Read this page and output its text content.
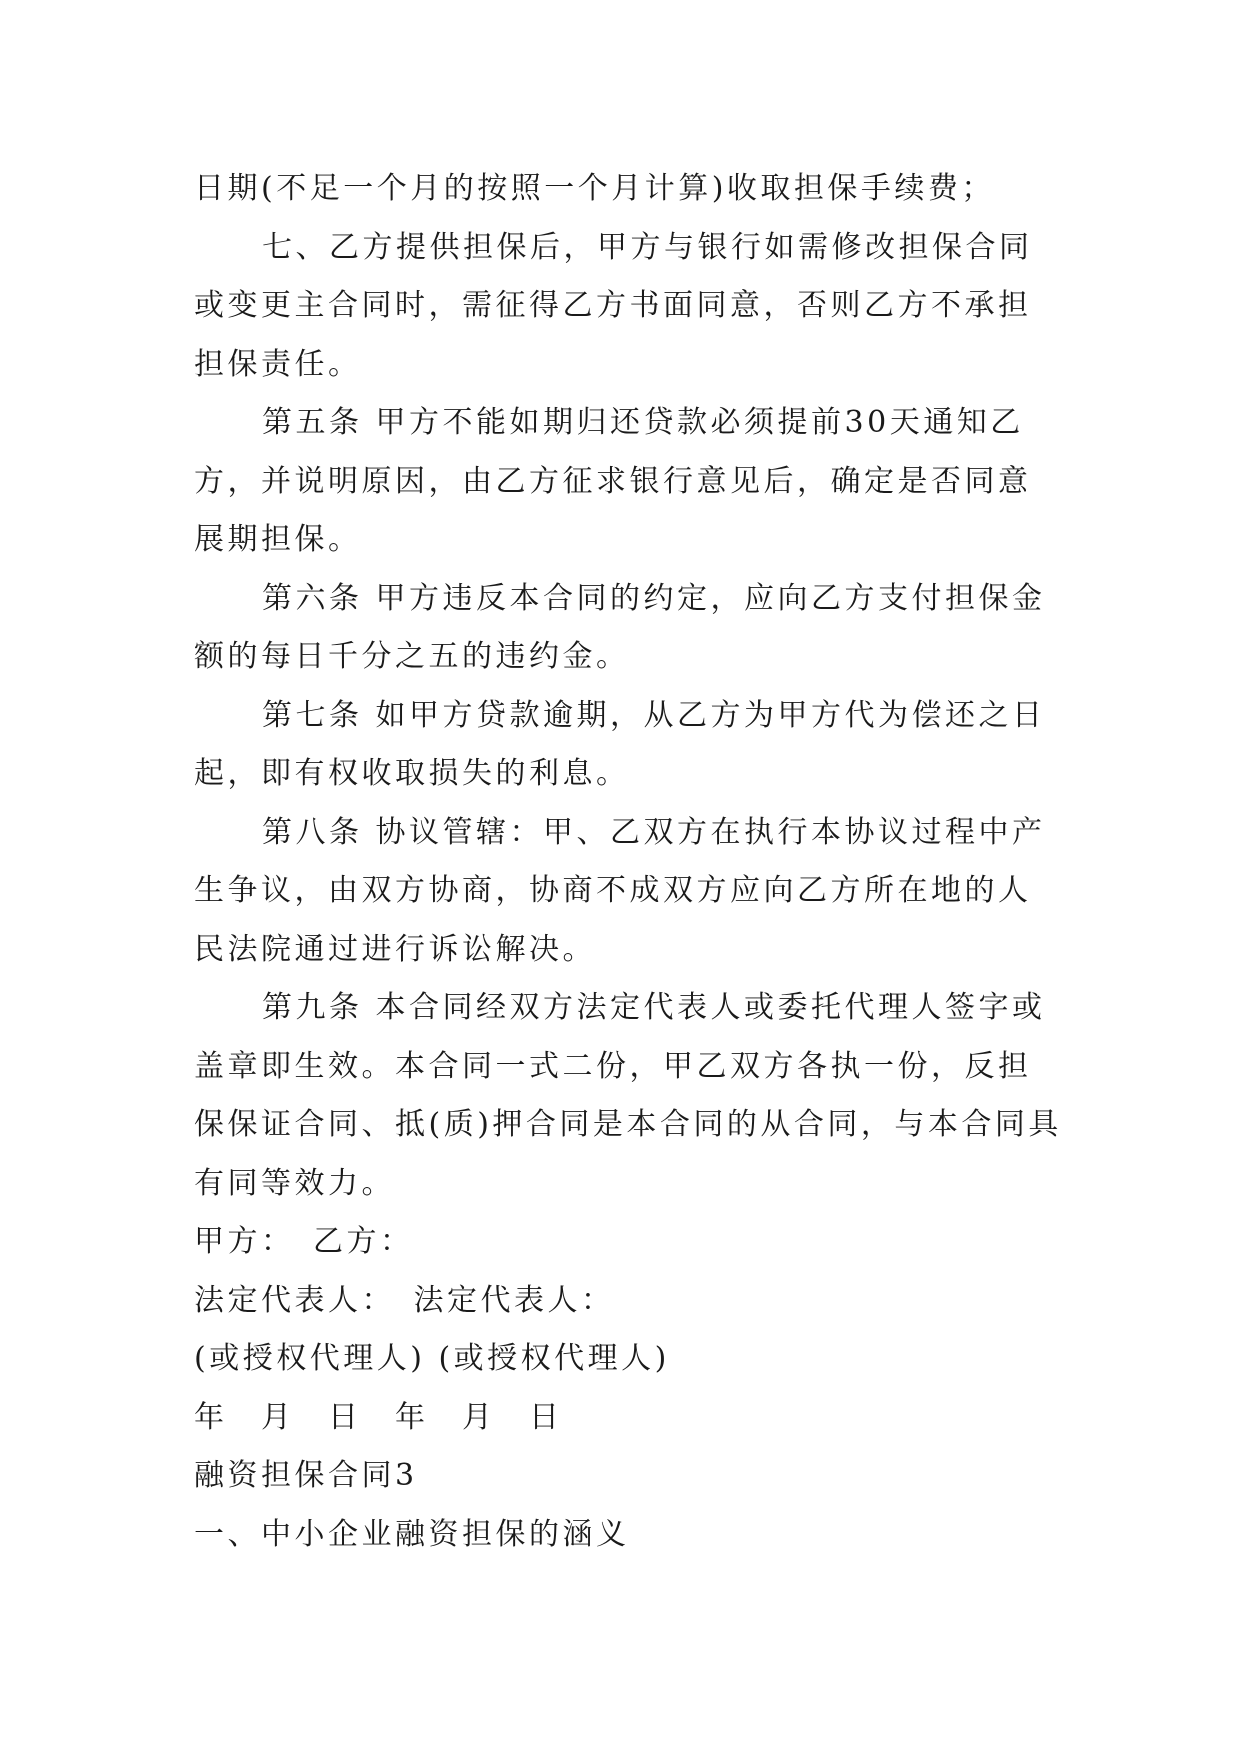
日期(不足一个月的按照一个月计算)收取担保手续费；

七、乙方提供担保后，甲方与银行如需修改担保合同或变更主合同时，需征得乙方书面同意，否则乙方不承担担保责任。

第五条 甲方不能如期归还贷款必须提前30天通知乙方，并说明原因，由乙方征求银行意见后，确定是否同意展期担保。

第六条 甲方违反本合同的约定，应向乙方支付担保金额的每日千分之五的违约金。

第七条 如甲方贷款逾期，从乙方为甲方代为偿还之日起，即有权收取损失的利息。

第八条 协议管辖：甲、乙双方在执行本协议过程中产生争议，由双方协商，协商不成双方应向乙方所在地的人民法院通过进行诉讼解决。

第九条 本合同经双方法定代表人或委托代理人签字或盖章即生效。本合同一式二份，甲乙双方各执一份，反担保保证合同、抵(质)押合同是本合同的从合同，与本合同具有同等效力。

甲方：　乙方：

法定代表人：　法定代表人：

(或授权代理人) (或授权代理人)

年　月　日　年　月　日

融资担保合同3

一、中小企业融资担保的涵义
